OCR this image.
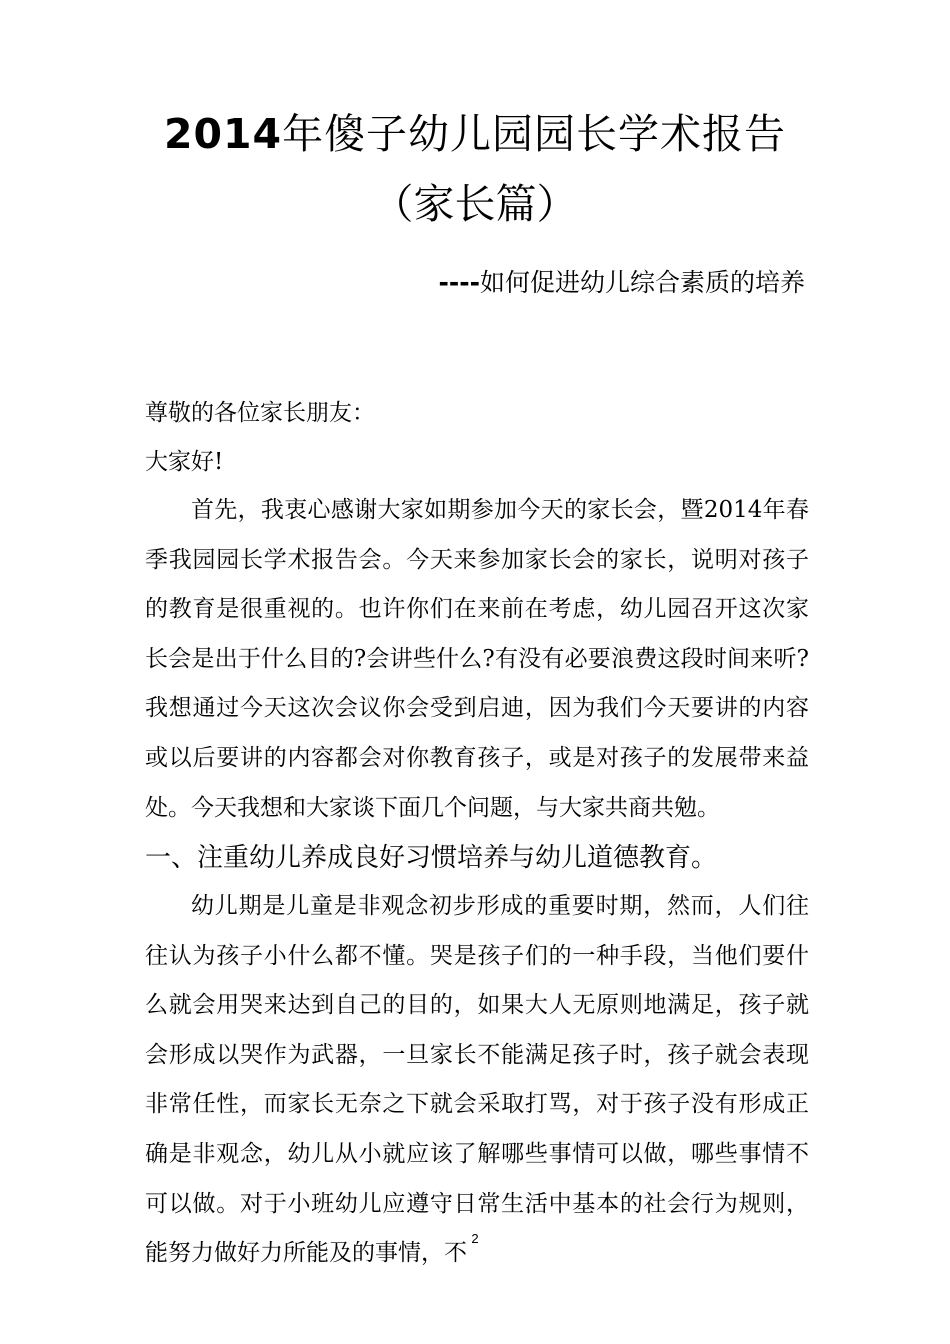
2014年傻子幼儿园园长学术报告
（家长篇）
----如何促进幼儿综合素质的培养
尊敬的各位家长朋友：
大家好!
首先，我衷心感谢大家如期参加今天的家长会，暨2014年春季我园园长学术报告会。今天来参加家长会的家长，说明对孩子的教育是很重视的。也许你们在来前在考虑，幼儿园召开这次家长会是出于什么目的?会讲些什么?有没有必要浪费这段时间来听?我想通过今天这次会议你会受到启迪，因为我们今天要讲的内容或以后要讲的内容都会对你教育孩子，或是对孩子的发展带来益处。今天我想和大家谈下面几个问题，与大家共商共勉。
一、注重幼儿养成良好习惯培养与幼儿道德教育。
幼儿期是儿童是非观念初步形成的重要时期，然而，人们往往认为孩子小什么都不懂。哭是孩子们的一种手段，当他们要什么就会用哭来达到自己的目的，如果大人无原则地满足，孩子就会形成以哭作为武器，一旦家长不能满足孩子时，孩子就会表现非常任性，而家长无奈之下就会采取打骂，对于孩子没有形成正确是非观念，幼儿从小就应该了解哪些事情可以做，哪些事情不可以做。对于小班幼儿应遵守日常生活中基本的社会行为规则，能努力做好力所能及的事情，不
2
